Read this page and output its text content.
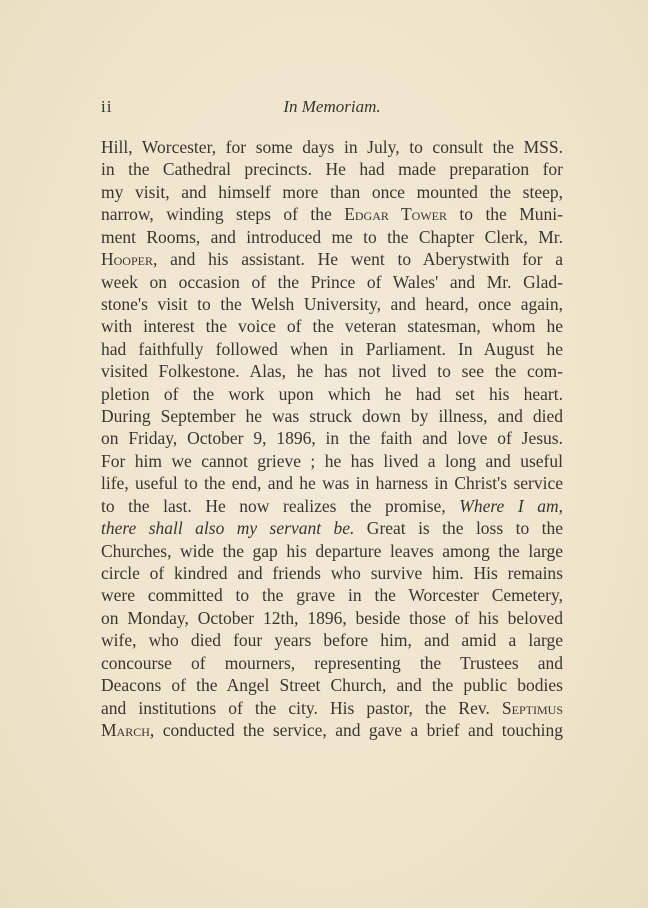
ii	In Memoriam.
Hill, Worcester, for some days in July, to consult the MSS.
in the Cathedral precincts. He had made preparation for
my visit, and himself more than once mounted the steep,
narrow, winding steps of the Edgar Tower to the Muni-
ment Rooms, and introduced me to the Chapter Clerk, Mr.
Hooper, and his assistant. He went to Aberystwith for a
week on occasion of the Prince of Wales' and Mr. Glad-
stone's visit to the Welsh University, and heard, once again,
with interest the voice of the veteran statesman, whom he
had faithfully followed when in Parliament. In August he
visited Folkestone. Alas, he has not lived to see the com-
pletion of the work upon which he had set his heart.
During September he was struck down by illness, and died
on Friday, October 9, 1896, in the faith and love of Jesus.
For him we cannot grieve ; he has lived a long and useful
life, useful to the end, and he was in harness in Christ's service
to the last. He now realizes the promise, Where I am,
there shall also my servant be. Great is the loss to the
Churches, wide the gap his departure leaves among the large
circle of kindred and friends who survive him. His remains
were committed to the grave in the Worcester Cemetery,
on Monday, October 12th, 1896, beside those of his beloved
wife, who died four years before him, and amid a large
concourse of mourners, representing the Trustees and
Deacons of the Angel Street Church, and the public bodies
and institutions of the city. His pastor, the Rev. Septimus
March, conducted the service, and gave a brief and touching
